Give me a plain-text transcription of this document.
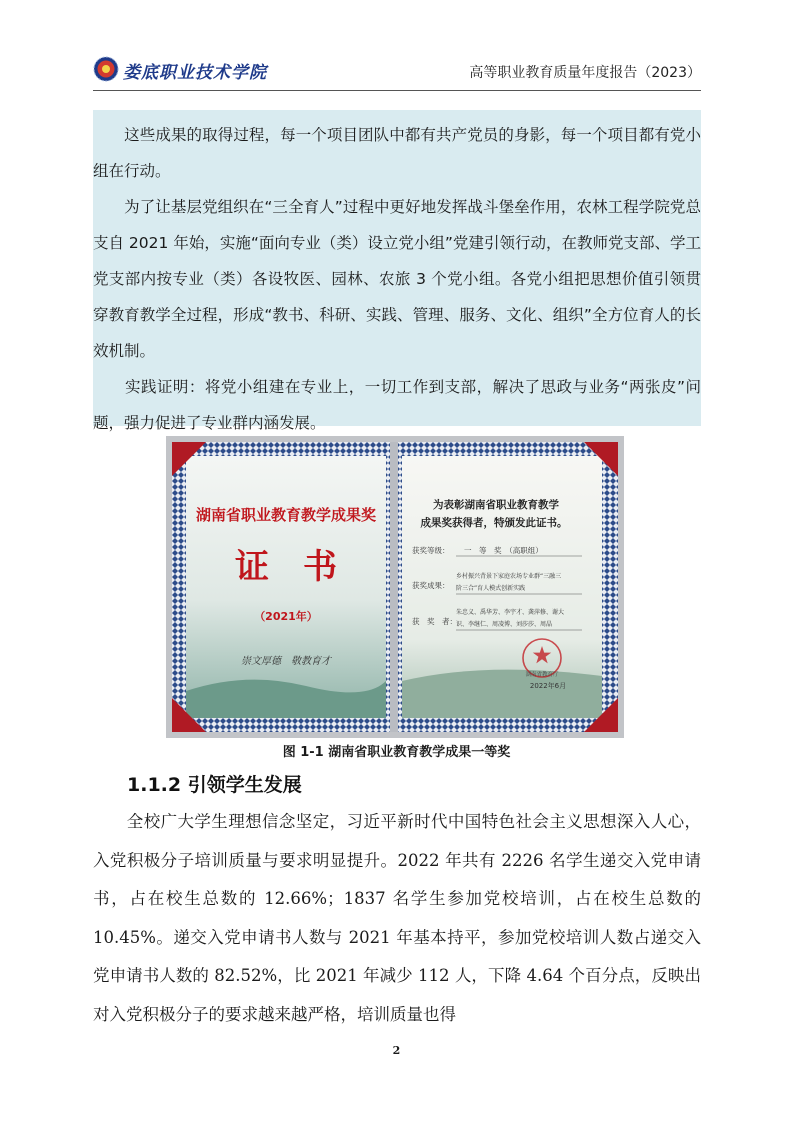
娄底职业技术学院	高等职业教育质量年度报告（2023）

　　这些成果的取得过程，每一个项目团队中都有共产党员的身影，每一个项目都有党小组在行动。

　　为了让基层党组织在“三全育人”过程中更好地发挥战斗堡垒作用，农林工程学院党总支自 2021 年始，实施“面向专业（类）设立党小组”党建引领行动，在教师党支部、学工党支部内按专业（类）各设牧医、园林、农旅 3 个党小组。各党小组把思想价值引领贯穿教育教学全过程，形成“教书、科研、实践、管理、服务、文化、组织”全方位育人的长效机制。

　　实践证明：将党小组建在专业上，一切工作到支部，解决了思政与业务“两张皮”问题，强力促进了专业群内涵发展。

湖南省职业教育教学成果奖
证　书
（2021年）
崇文厚德　敬教育才
为表彰湖南省职业教育教学
成果奖获得者，特颁发此证书。
获奖等级： 一　等　奖　（高职组）
乡村振兴背景下家庭农场专业群“三融三
获奖成果： 阶三合”育人模式创新实践
朱忠义、禹华芳、李宇才、龚萍修、谢大
获　奖　者： 识、李继仁、周凌博、刘莎莎、周晶
湖南省教育厅
2022年6月
图 1-1 湖南省职业教育教学成果一等奖
1.1.2 引领学生发展
　　全校广大学生理想信念坚定，习近平新时代中国特色社会主义思想深入人心，入党积极分子培训质量与要求明显提升。2022 年共有 2226 名学生递交入党申请书，占在校生总数的 12.66%；1837 名学生参加党校培训，占在校生总数的 10.45%。递交入党申请书人数与 2021 年基本持平，参加党校培训人数占递交入党申请书人数的 82.52%，比 2021 年减少 112 人，下降 4.64 个百分点，反映出对入党积极分子的要求越来越严格，培训质量也得
2
